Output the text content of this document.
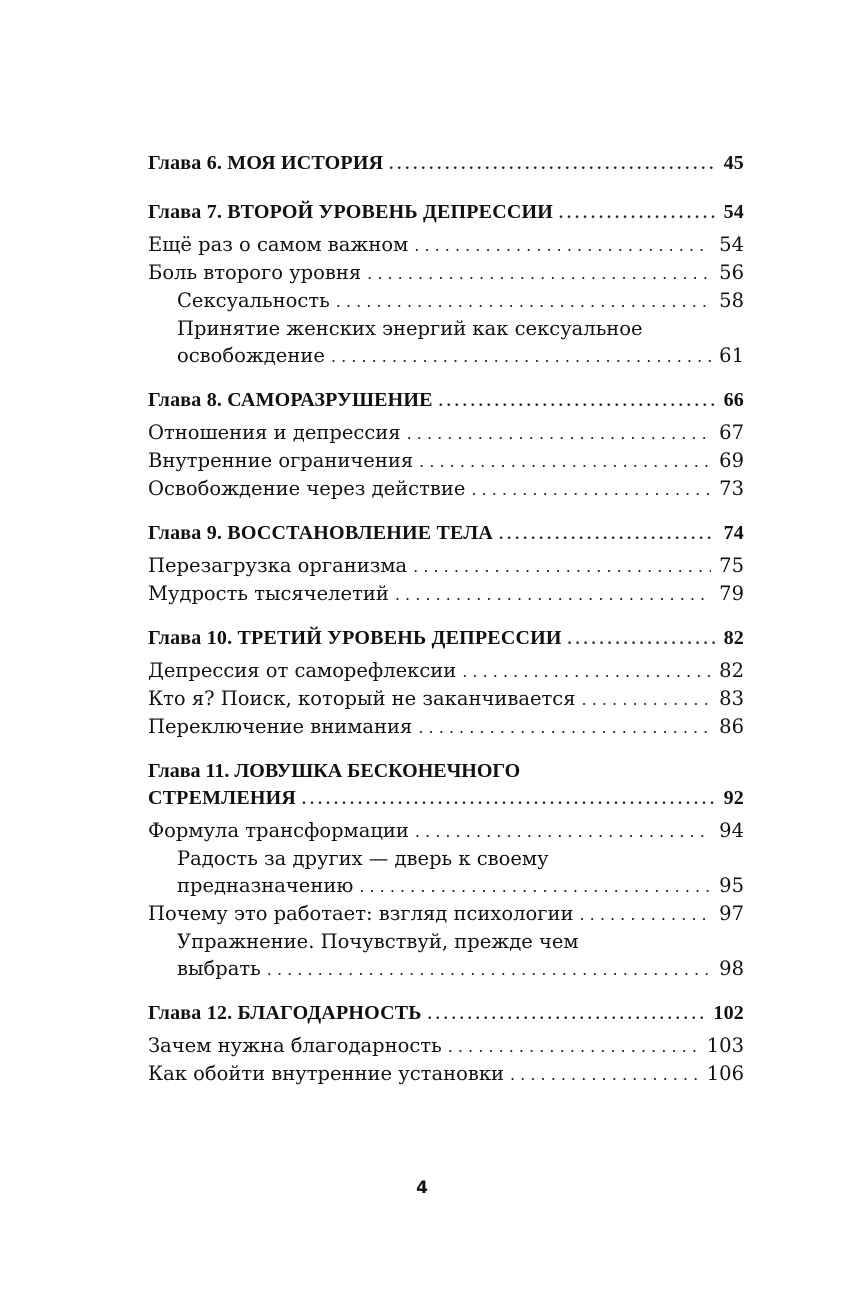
Глава 6. МОЯ ИСТОРИЯ . . .	45
Глава 7. ВТОРОЙ УРОВЕНЬ ДЕПРЕССИИ . . .	54
Ещё раз о самом важном . . .	54
Боль второго уровня . . .	56
Сексуальность . . .	58
Принятие женских энергий как сексуальное
освобождение . . .	61
Глава 8. САМОРАЗРУШЕНИЕ . . .	66
Отношения и депрессия . . .	67
Внутренние ограничения . . .	69
Освобождение через действие . . .	73
Глава 9. ВОССТАНОВЛЕНИЕ ТЕЛА . . .	74
Перезагрузка организма . . .	75
Мудрость тысячелетий . . .	79
Глава 10. ТРЕТИЙ УРОВЕНЬ ДЕПРЕССИИ . . .	82
Депрессия от саморефлексии . . .	82
Кто я? Поиск, который не заканчивается . . .	83
Переключение внимания . . .	86
Глава 11. ЛОВУШКА БЕСКОНЕЧНОГО
СТРЕМЛЕНИЯ . . .	92
Формула трансформации . . .	94
Радость за других — дверь к своему
предназначению . . .	95
Почему это работает: взгляд психологии . . .	97
Упражнение. Почувствуй, прежде чем
выбрать . . .	98
Глава 12. БЛАГОДАРНОСТЬ . . .	102
Зачем нужна благодарность . . .	103
Как обойти внутренние установки . . .	106
4
